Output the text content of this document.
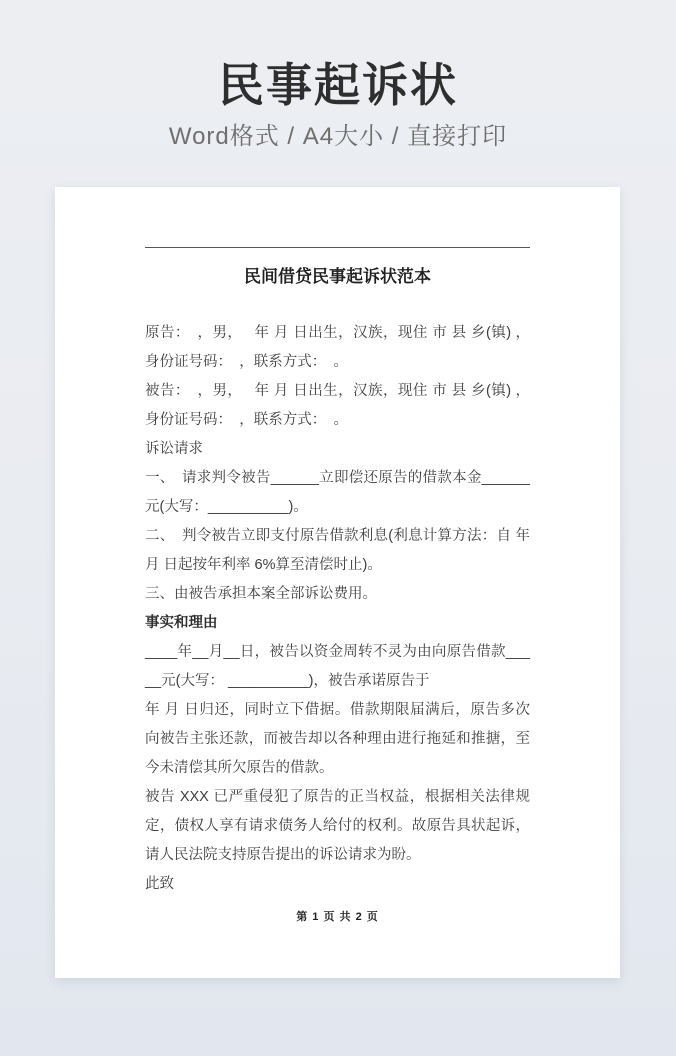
民事起诉状

Word格式 / A4大小 / 直接打印

民间借贷民事起诉状范本

原告：　，男，　 年 月 日出生，汉族，现住 市 县 乡(镇) ，身份证号码：　，联系方式：　。

被告：　，男，　 年 月 日出生，汉族，现住 市 县 乡(镇) ，身份证号码：　，联系方式：　。

诉讼请求

一、　请求判令被告______立即偿还原告的借款本金______元(大写：__________)。

二、　判令被告立即支付原告借款利息(利息计算方法：自 年 月 日起按年利率 6%算至清偿时止)。

三、由被告承担本案全部诉讼费用。

事实和理由

____年__月__日，被告以资金周转不灵为由向原告借款_____元(大写： __________)，被告承诺原告于

年 月 日归还，同时立下借据。借款期限届满后，原告多次向被告主张还款，而被告却以各种理由进行拖延和推搪，至今未清偿其所欠原告的借款。

被告 XXX 已严重侵犯了原告的正当权益，根据相关法律规定，债权人享有请求债务人给付的权利。故原告具状起诉，请人民法院支持原告提出的诉讼请求为盼。

此致

第 1 页 共 2 页
